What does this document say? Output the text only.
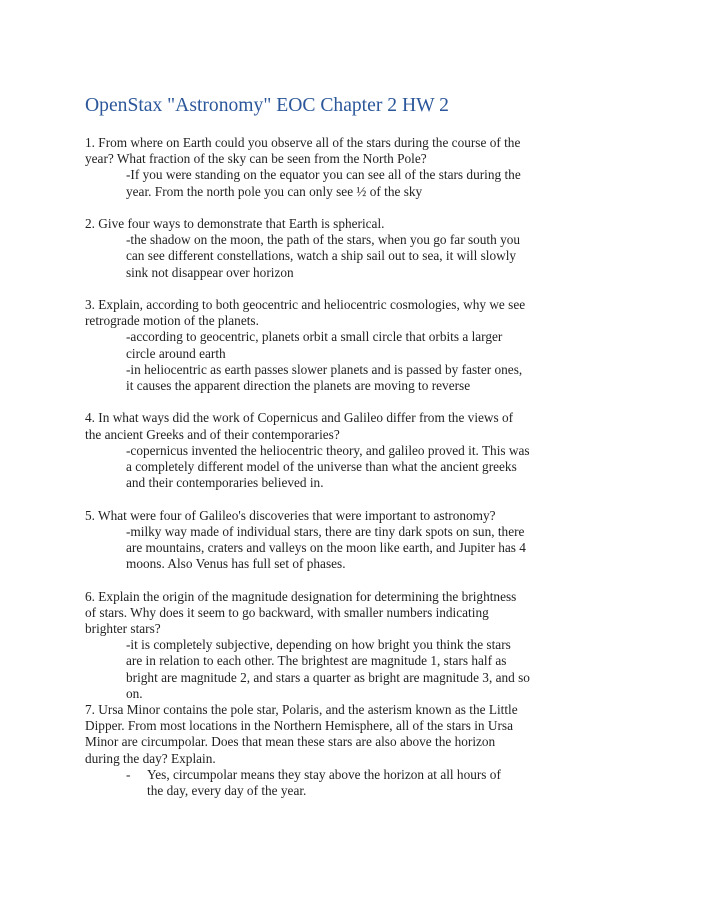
OpenStax "Astronomy" EOC Chapter 2 HW 2

1. From where on Earth could you observe all of the stars during the course of the year? What fraction of the sky can be seen from the North Pole?

-If you were standing on the equator you can see all of the stars during the year. From the north pole you can only see ½ of the sky

2. Give four ways to demonstrate that Earth is spherical.

-the shadow on the moon, the path of the stars, when you go far south you can see different constellations, watch a ship sail out to sea, it will slowly sink not disappear over horizon

3. Explain, according to both geocentric and heliocentric cosmologies, why we see retrograde motion of the planets.

-according to geocentric, planets orbit a small circle that orbits a larger circle around earth
-in heliocentric as earth passes slower planets and is passed by faster ones, it causes the apparent direction the planets are moving to reverse

4. In what ways did the work of Copernicus and Galileo differ from the views of the ancient Greeks and of their contemporaries?

-copernicus invented the heliocentric theory, and galileo proved it. This was a completely different model of the universe than what the ancient greeks and their contemporaries believed in.

5. What were four of Galileo's discoveries that were important to astronomy?

-milky way made of individual stars, there are tiny dark spots on sun, there are mountains, craters and valleys on the moon like earth, and Jupiter has 4 moons. Also Venus has full set of phases.

6. Explain the origin of the magnitude designation for determining the brightness of stars. Why does it seem to go backward, with smaller numbers indicating brighter stars?

-it is completely subjective, depending on how bright you think the stars are in relation to each other. The brightest are magnitude 1, stars half as bright are magnitude 2, and stars a quarter as bright are magnitude 3, and so on.

7. Ursa Minor contains the pole star, Polaris, and the asterism known as the Little Dipper. From most locations in the Northern Hemisphere, all of the stars in Ursa Minor are circumpolar. Does that mean these stars are also above the horizon during the day? Explain.

- Yes, circumpolar means they stay above the horizon at all hours of the day, every day of the year.
